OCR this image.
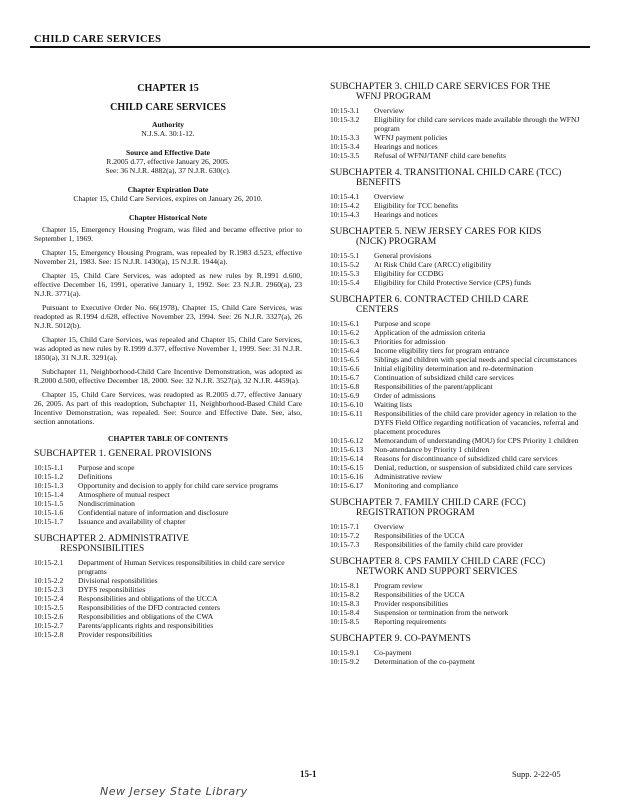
CHILD CARE SERVICES
CHAPTER 15
CHILD CARE SERVICES
Authority
N.J.S.A. 30:1-12.
Source and Effective Date
R.2005 d.77, effective January 26, 2005.
See: 36 N.J.R. 4882(a), 37 N.J.R. 630(c).
Chapter Expiration Date
Chapter 15, Child Care Services, expires on January 26, 2010.
Chapter Historical Note

Chapter 15, Emergency Housing Program, was filed and became effective prior to September 1, 1969.

Chapter 15, Emergency Housing Program, was repealed by R.1983 d.523, effective November 21, 1983. See: 15 N.J.R. 1430(a), 15 N.J.R. 1944(a).

Chapter 15, Child Care Services, was adopted as new rules by R.1991 d.600, effective December 16, 1991, operative January 1, 1992. See: 23 N.J.R. 2960(a), 23 N.J.R. 3771(a).

Pursuant to Executive Order No. 66(1978), Chapter 15, Child Care Services, was readopted as R.1994 d.628, effective November 23, 1994. See: 26 N.J.R. 3327(a), 26 N.J.R. 5012(b).

Chapter 15, Child Care Services, was repealed and Chapter 15, Child Care Services, was adopted as new rules by R.1999 d.377, effective November 1, 1999. See: 31 N.J.R. 1850(a), 31 N.J.R. 3291(a).

Subchapter 11, Neighborhood-Child Care Incentive Demonstration, was adopted as R.2000 d.500, effective December 18, 2000. See: 32 N.J.R. 3527(a), 32 N.J.R. 4459(a).

Chapter 15, Child Care Services, was readopted as R.2005 d.77, effective January 26, 2005. As part of this readoption, Subchapter 11, Neighborhood-Based Child Care Incentive Demonstration, was repealed. See: Source and Effective Date. See, also, section annotations.

CHAPTER TABLE OF CONTENTS
SUBCHAPTER 1. GENERAL PROVISIONS
10:15-1.1	Purpose and scope
10:15-1.2	Definitions
10:15-1.3	Opportunity and decision to apply for child care service programs
10:15-1.4	Atmosphere of mutual respect
10:15-1.5	Nondiscrimination
10:15-1.6	Confidential nature of information and disclosure
10:15-1.7	Issuance and availability of chapter
SUBCHAPTER 2. ADMINISTRATIVE
RESPONSIBILITIES
10:15-2.1	Department of Human Services responsibilities in child care service programs
10:15-2.2	Divisional responsibilities
10:15-2.3	DYFS responsibilities
10:15-2.4	Responsibilities and obligations of the UCCA
10:15-2.5	Responsibilities of the DFD contracted centers
10:15-2.6	Responsibilities and obligations of the CWA
10:15-2.7	Parents/applicants rights and responsibilities
10:15-2.8	Provider responsibilities
SUBCHAPTER 3. CHILD CARE SERVICES FOR THE
WFNJ PROGRAM
10:15-3.1	Overview
10:15-3.2	Eligibility for child care services made available through the WFNJ program
10:15-3.3	WFNJ payment policies
10:15-3.4	Hearings and notices
10:15-3.5	Refusal of WFNJ/TANF child care benefits
SUBCHAPTER 4. TRANSITIONAL CHILD CARE (TCC)
BENEFITS
10:15-4.1	Overview
10:15-4.2	Eligibility for TCC benefits
10:15-4.3	Hearings and notices
SUBCHAPTER 5. NEW JERSEY CARES FOR KIDS
(NJCK) PROGRAM
10:15-5.1	General provisions
10:15-5.2	At Risk Child Care (ARCC) eligibility
10:15-5.3	Eligibility for CCDBG
10:15-5.4	Eligibility for Child Protective Service (CPS) funds
SUBCHAPTER 6. CONTRACTED CHILD CARE
CENTERS
10:15-6.1	Purpose and scope
10:15-6.2	Application of the admission criteria
10:15-6.3	Priorities for admission
10:15-6.4	Income eligibility tiers for program entrance
10:15-6.5	Siblings and children with special needs and special circumstances
10:15-6.6	Initial eligibility determination and re-determination
10:15-6.7	Continuation of subsidized child care services
10:15-6.8	Responsibilities of the parent/applicant
10:15-6.9	Order of admissions
10:15-6.10	Waiting lists
10:15-6.11	Responsibilities of the child care provider agency in relation to the DYFS Field Office regarding notification of vacancies, referral and placement procedures
10:15-6.12	Memorandum of understanding (MOU) for CPS Priority 1 children
10:15-6.13	Non-attendance by Priority 1 children
10:15-6.14	Reasons for discontinuance of subsidized child care services
10:15-6.15	Denial, reduction, or suspension of subsidized child care services
10:15-6.16	Administrative review
10:15-6.17	Monitoring and compliance
SUBCHAPTER 7. FAMILY CHILD CARE (FCC)
REGISTRATION PROGRAM
10:15-7.1	Overview
10:15-7.2	Responsibilities of the UCCA
10:15-7.3	Responsibilities of the family child care provider
SUBCHAPTER 8. CPS FAMILY CHILD CARE (FCC)
NETWORK AND SUPPORT SERVICES
10:15-8.1	Program review
10:15-8.2	Responsibilities of the UCCA
10:15-8.3	Provider responsibilities
10:15-8.4	Suspension or termination from the network
10:15-8.5	Reporting requirements
SUBCHAPTER 9. CO-PAYMENTS
10:15-9.1	Co-payment
10:15-9.2	Determination of the co-payment
15-1	Supp. 2-22-05
New Jersey State Library
